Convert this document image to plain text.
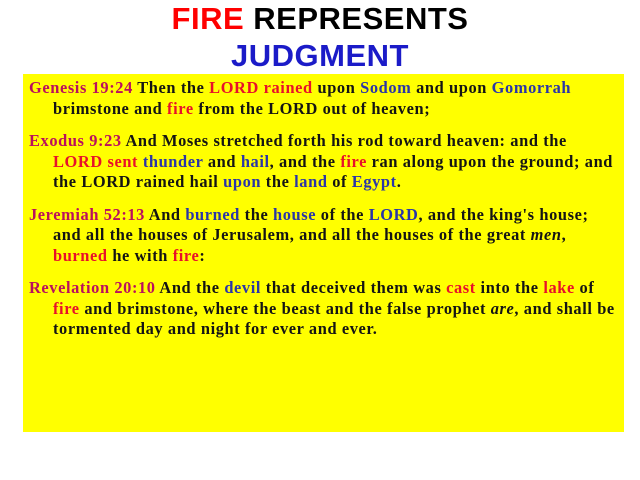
FIRE REPRESENTS
JUDGMENT

Genesis 19:24 Then the LORD rained upon Sodom and upon Gomorrah brimstone and fire from the LORD out of heaven;

Exodus 9:23 And Moses stretched forth his rod toward heaven: and the LORD sent thunder and hail, and the fire ran along upon the ground; and the LORD rained hail upon the land of Egypt.

Jeremiah 52:13 And burned the house of the LORD, and the king's house; and all the houses of Jerusalem, and all the houses of the great men, burned he with fire:

Revelation 20:10 And the devil that deceived them was cast into the lake of fire and brimstone, where the beast and the false prophet are, and shall be tormented day and night for ever and ever.
